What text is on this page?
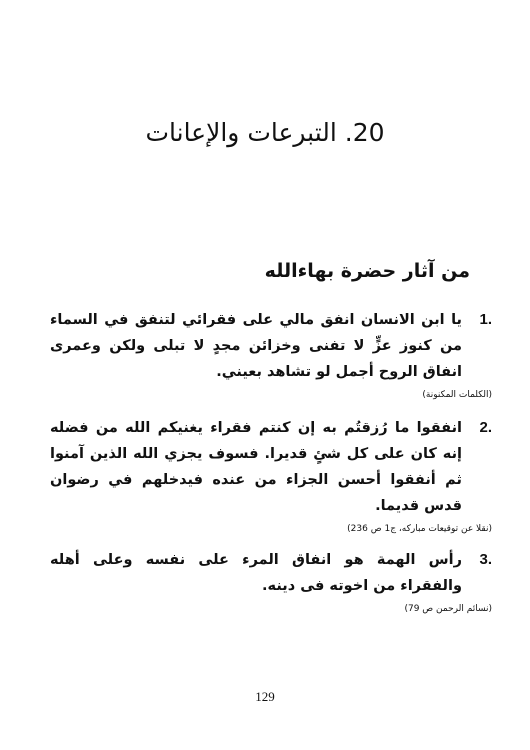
20. التبرعات والإعانات
من آثار حضرة بهاءالله
1.

يا ابن الانسان انفق مالي على فقرائي لتنفق في السماء من كنوز عزٍّ لا تفنى وخزائن مجدٍ لا تبلى ولكن وعمرى انفاق الروح أجمل لو تشاهد بعيني.

(الكلمات المكنونة)

2.

انفقوا ما رُزقتُم به إن كنتم فقراء يغنيكم الله من فضله إنه كان على كل شئٍ قديرا. فسوف يجزي الله الذين آمنوا ثم أنفقوا أحسن الجزاء من عنده فيدخلهم في رضوان قدس قديما.

(نقلا عن توقيعات مباركه، ج1 ص 236)

3.

رأس الهمة هو انفاق المرء على نفسه وعلى أهله والفقراء من اخوته فى دينه.

(نسائم الرحمن ص 79)

129
